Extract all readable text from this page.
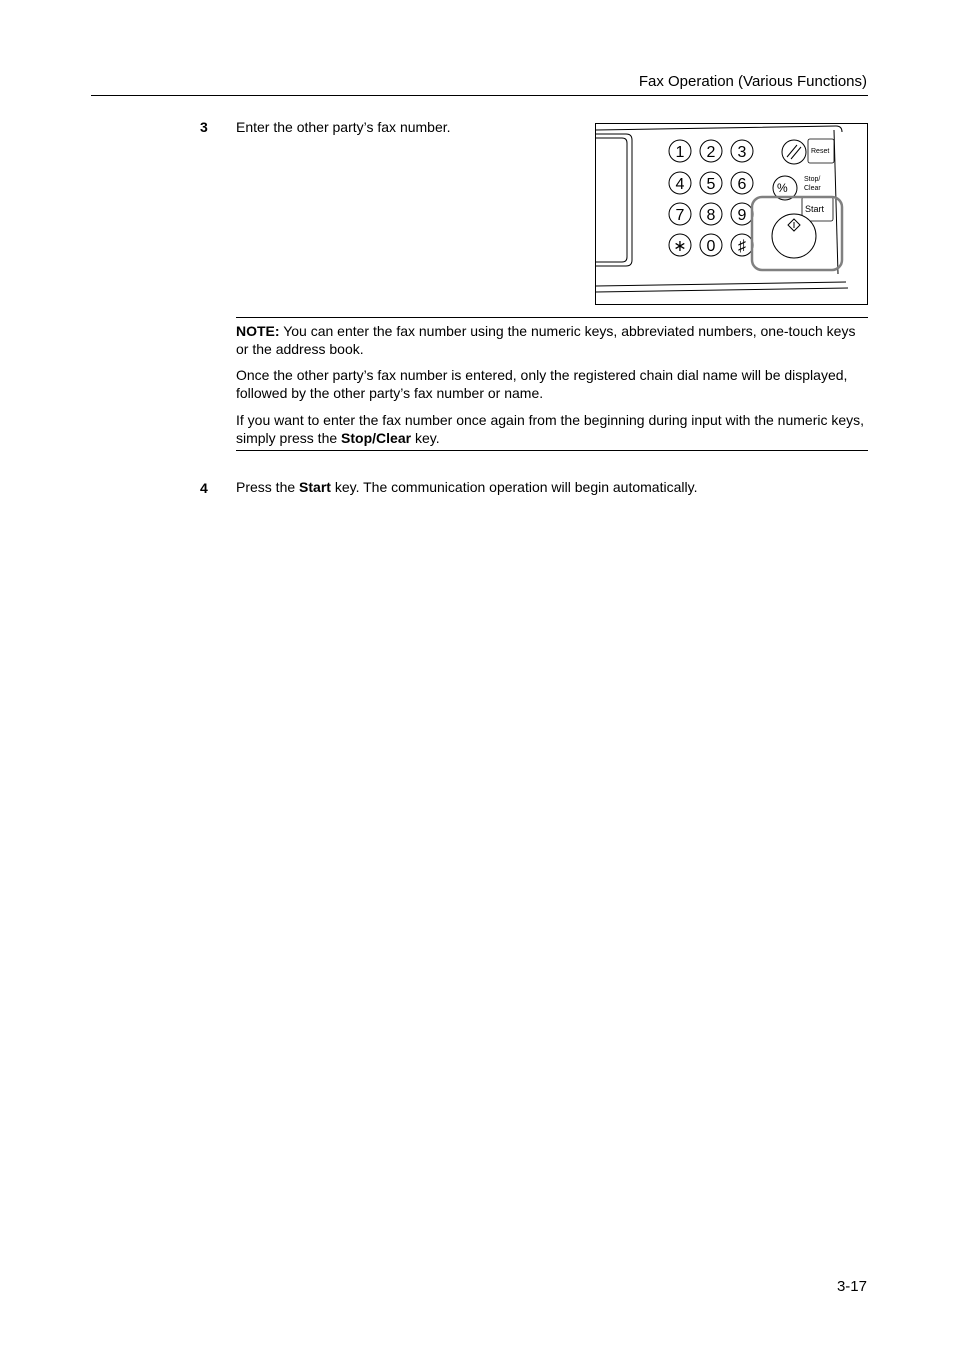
Fax Operation (Various Functions)
3 Enter the other party’s fax number.
1 2 3
4 5 6
7 8 9
∗ 0 ♯
Reset
%
Stop/
Clear
Start
NOTE: You can enter the fax number using the numeric keys, abbreviated numbers, one-touch keys or the address book.
Once the other party’s fax number is entered, only the registered chain dial name will be displayed, followed by the other party’s fax number or name.
If you want to enter the fax number once again from the beginning during input with the numeric keys, simply press the Stop/Clear key.
4 Press the Start key. The communication operation will begin automatically.
3-17
